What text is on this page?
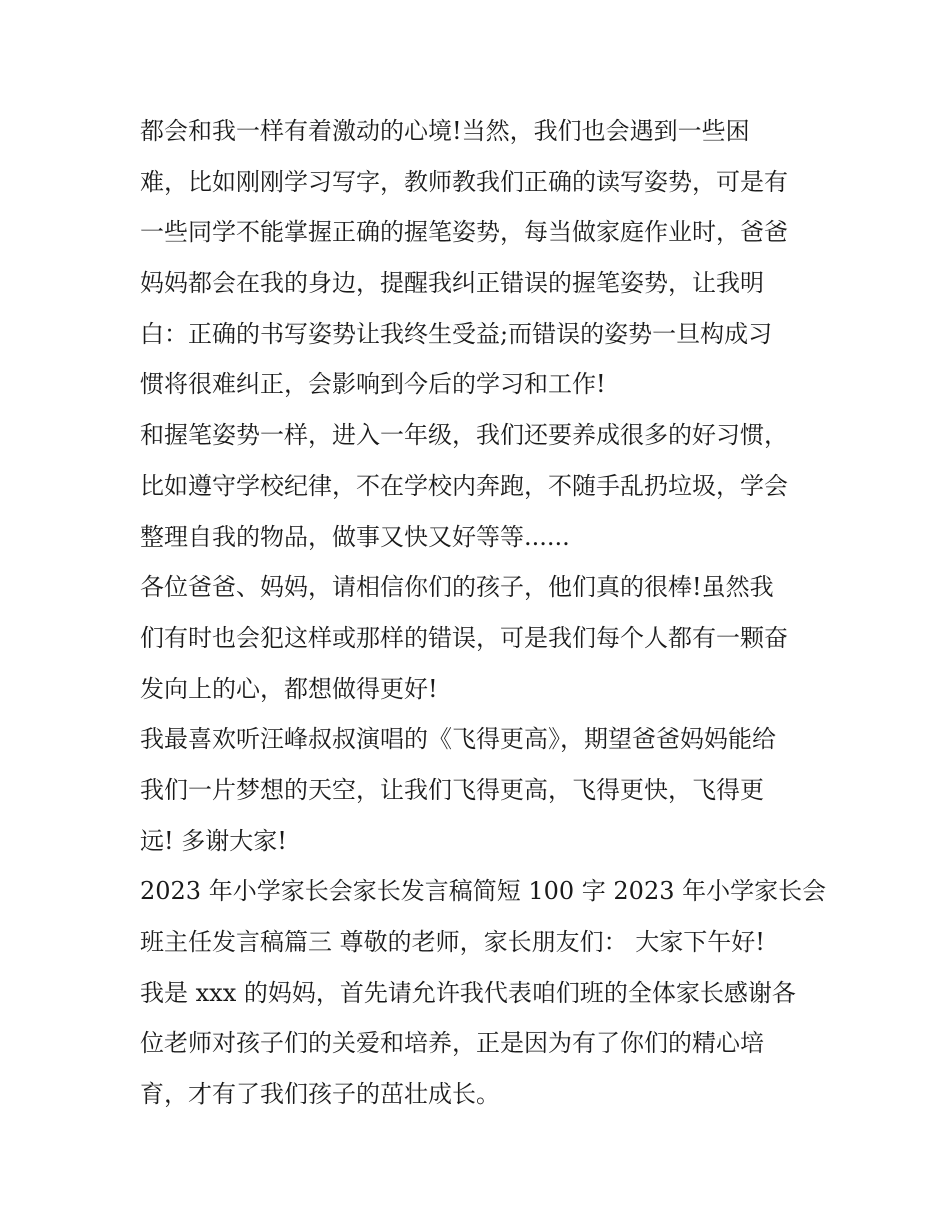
都会和我一样有着激动的心境!当然，我们也会遇到一些困
难，比如刚刚学习写字，教师教我们正确的读写姿势，可是有
一些同学不能掌握正确的握笔姿势，每当做家庭作业时，爸爸
妈妈都会在我的身边，提醒我纠正错误的握笔姿势，让我明
白：正确的书写姿势让我终生受益;而错误的姿势一旦构成习
惯将很难纠正，会影响到今后的学习和工作!
和握笔姿势一样，进入一年级，我们还要养成很多的好习惯，
比如遵守学校纪律，不在学校内奔跑，不随手乱扔垃圾，学会
整理自我的物品，做事又快又好等等......
各位爸爸、妈妈，请相信你们的孩子，他们真的很棒!虽然我
们有时也会犯这样或那样的错误，可是我们每个人都有一颗奋
发向上的心，都想做得更好!
我最喜欢听汪峰叔叔演唱的《飞得更高》，期望爸爸妈妈能给
我们一片梦想的天空，让我们飞得更高，飞得更快，飞得更
远! 多谢大家!
2023 年小学家长会家长发言稿简短 100 字 2023 年小学家长会
班主任发言稿篇三 尊敬的老师，家长朋友们： 大家下午好!
我是 xxx 的妈妈，首先请允许我代表咱们班的全体家长感谢各
位老师对孩子们的关爱和培养，正是因为有了你们的精心培
育，才有了我们孩子的茁壮成长。
